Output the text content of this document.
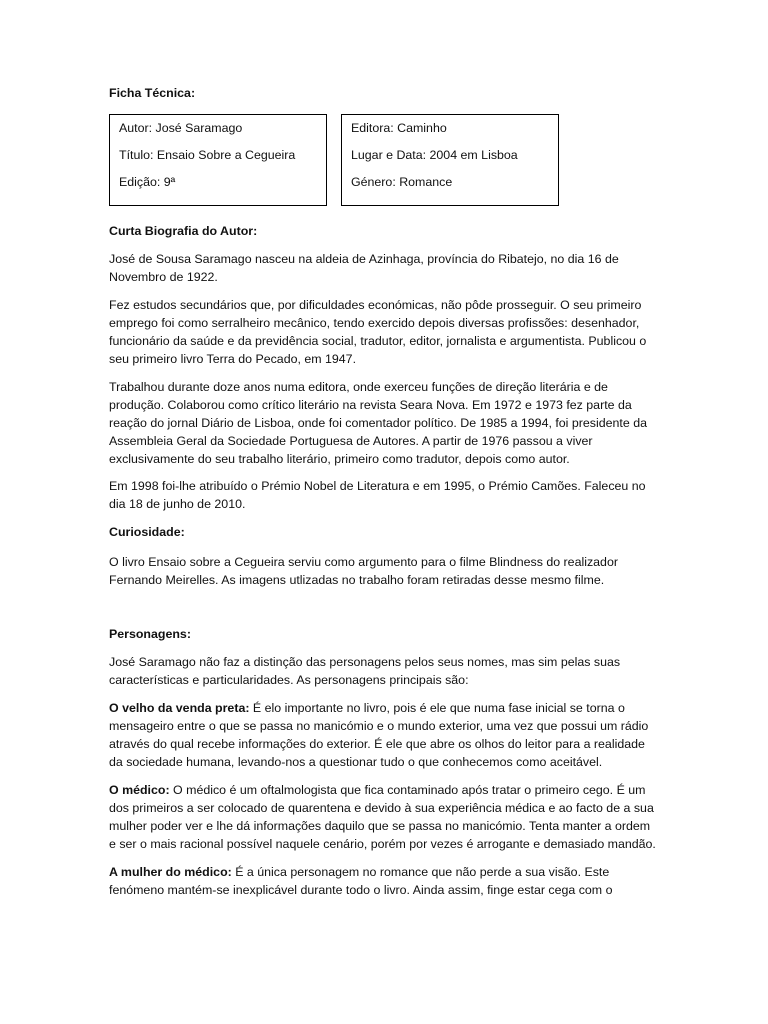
Ficha Técnica:

Autor: José Saramago
Título: Ensaio Sobre a Cegueira
Edição: 9ª
Editora: Caminho
Lugar e Data: 2004 em Lisboa
Género: Romance

Curta Biografia do Autor:

José de Sousa Saramago nasceu na aldeia de Azinhaga, província do Ribatejo, no dia 16 de Novembro de 1922.

Fez estudos secundários que, por dificuldades económicas, não pôde prosseguir. O seu primeiro emprego foi como serralheiro mecânico, tendo exercido depois diversas profissões: desenhador, funcionário da saúde e da previdência social, tradutor, editor, jornalista e argumentista. Publicou o seu primeiro livro Terra do Pecado, em 1947.

Trabalhou durante doze anos numa editora, onde exerceu funções de direção literária e de produção. Colaborou como crítico literário na revista Seara Nova. Em 1972 e 1973 fez parte da reação do jornal Diário de Lisboa, onde foi comentador político. De 1985 a 1994, foi presidente da Assembleia Geral da Sociedade Portuguesa de Autores. A partir de 1976 passou a viver exclusivamente do seu trabalho literário, primeiro como tradutor, depois como autor.

Em 1998 foi-lhe atribuído o Prémio Nobel de Literatura e em 1995, o Prémio Camões. Faleceu no dia 18 de junho de 2010.

Curiosidade:

O livro Ensaio sobre a Cegueira serviu como argumento para o filme Blindness do realizador Fernando Meirelles. As imagens utlizadas no trabalho foram retiradas desse mesmo filme.

Personagens:

José Saramago não faz a distinção das personagens pelos seus nomes, mas sim pelas suas características e particularidades. As personagens principais são:

O velho da venda preta: É elo importante no livro, pois é ele que numa fase inicial se torna o mensageiro entre o que se passa no manicómio e o mundo exterior, uma vez que possui um rádio através do qual recebe informações do exterior. É ele que abre os olhos do leitor para a realidade da sociedade humana, levando-nos a questionar tudo o que conhecemos como aceitável.

O médico: O médico é um oftalmologista que fica contaminado após tratar o primeiro cego. É um dos primeiros a ser colocado de quarentena e devido à sua experiência médica e ao facto de a sua mulher poder ver e lhe dá informações daquilo que se passa no manicómio. Tenta manter a ordem e ser o mais racional possível naquele cenário, porém por vezes é arrogante e demasiado mandão.

A mulher do médico: É a única personagem no romance que não perde a sua visão. Este fenómeno mantém-se inexplicável durante todo o livro. Ainda assim, finge estar cega com o
